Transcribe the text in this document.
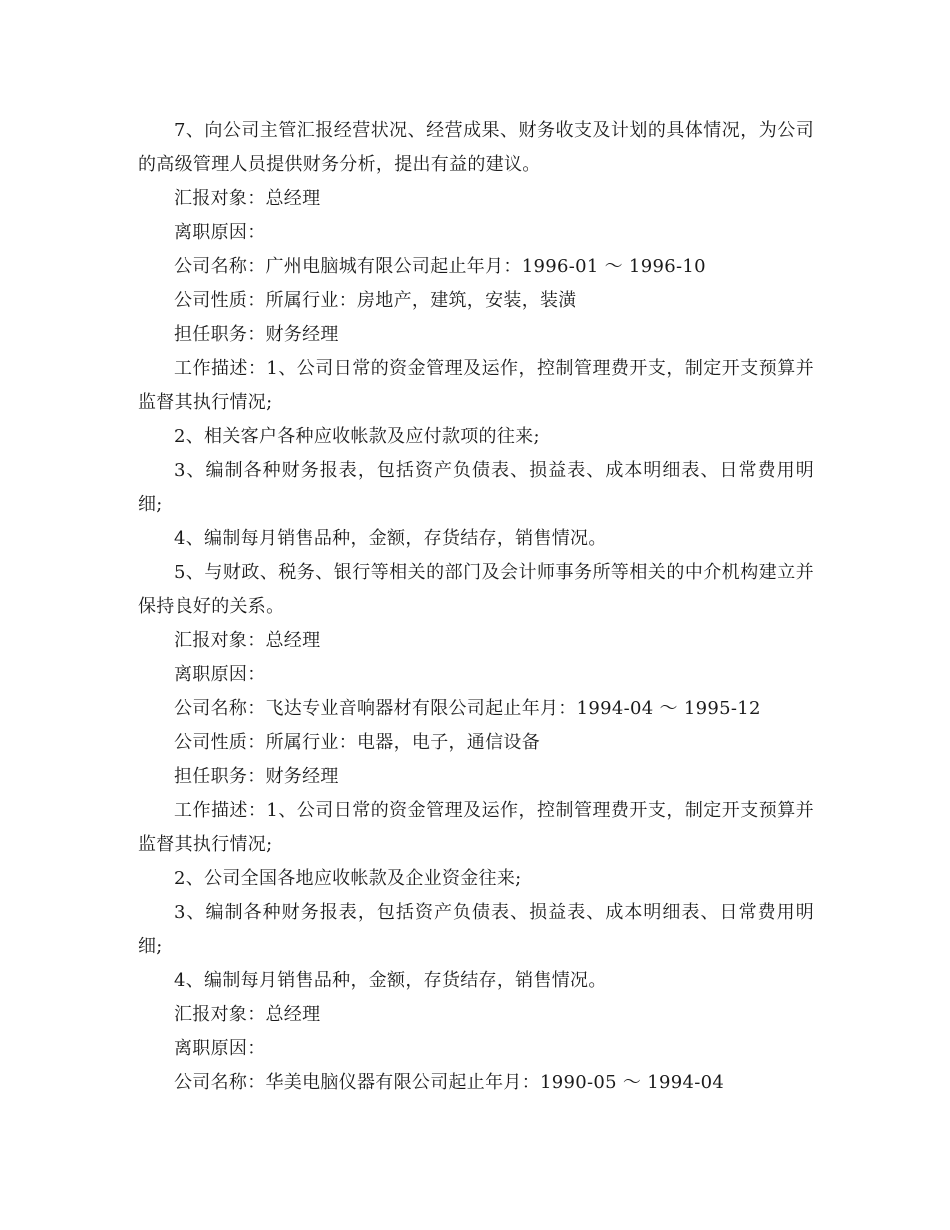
7、向公司主管汇报经营状况、经营成果、财务收支及计划的具体情况，为公司的高级管理人员提供财务分析，提出有益的建议。

汇报对象：总经理

离职原因：

公司名称：广州电脑城有限公司起止年月：1996-01 ～ 1996-10

公司性质：所属行业：房地产，建筑，安装，装潢

担任职务：财务经理

工作描述：1、公司日常的资金管理及运作，控制管理费开支，制定开支预算并监督其执行情况;

2、相关客户各种应收帐款及应付款项的往来;

3、编制各种财务报表，包括资产负债表、损益表、成本明细表、日常费用明细;

4、编制每月销售品种，金额，存货结存，销售情况。

5、与财政、税务、银行等相关的部门及会计师事务所等相关的中介机构建立并保持良好的关系。

汇报对象：总经理

离职原因：

公司名称：飞达专业音响器材有限公司起止年月：1994-04 ～ 1995-12

公司性质：所属行业：电器，电子，通信设备

担任职务：财务经理

工作描述：1、公司日常的资金管理及运作，控制管理费开支，制定开支预算并监督其执行情况;

2、公司全国各地应收帐款及企业资金往来;

3、编制各种财务报表，包括资产负债表、损益表、成本明细表、日常费用明细;

4、编制每月销售品种，金额，存货结存，销售情况。

汇报对象：总经理

离职原因：

公司名称：华美电脑仪器有限公司起止年月：1990-05 ～ 1994-04
